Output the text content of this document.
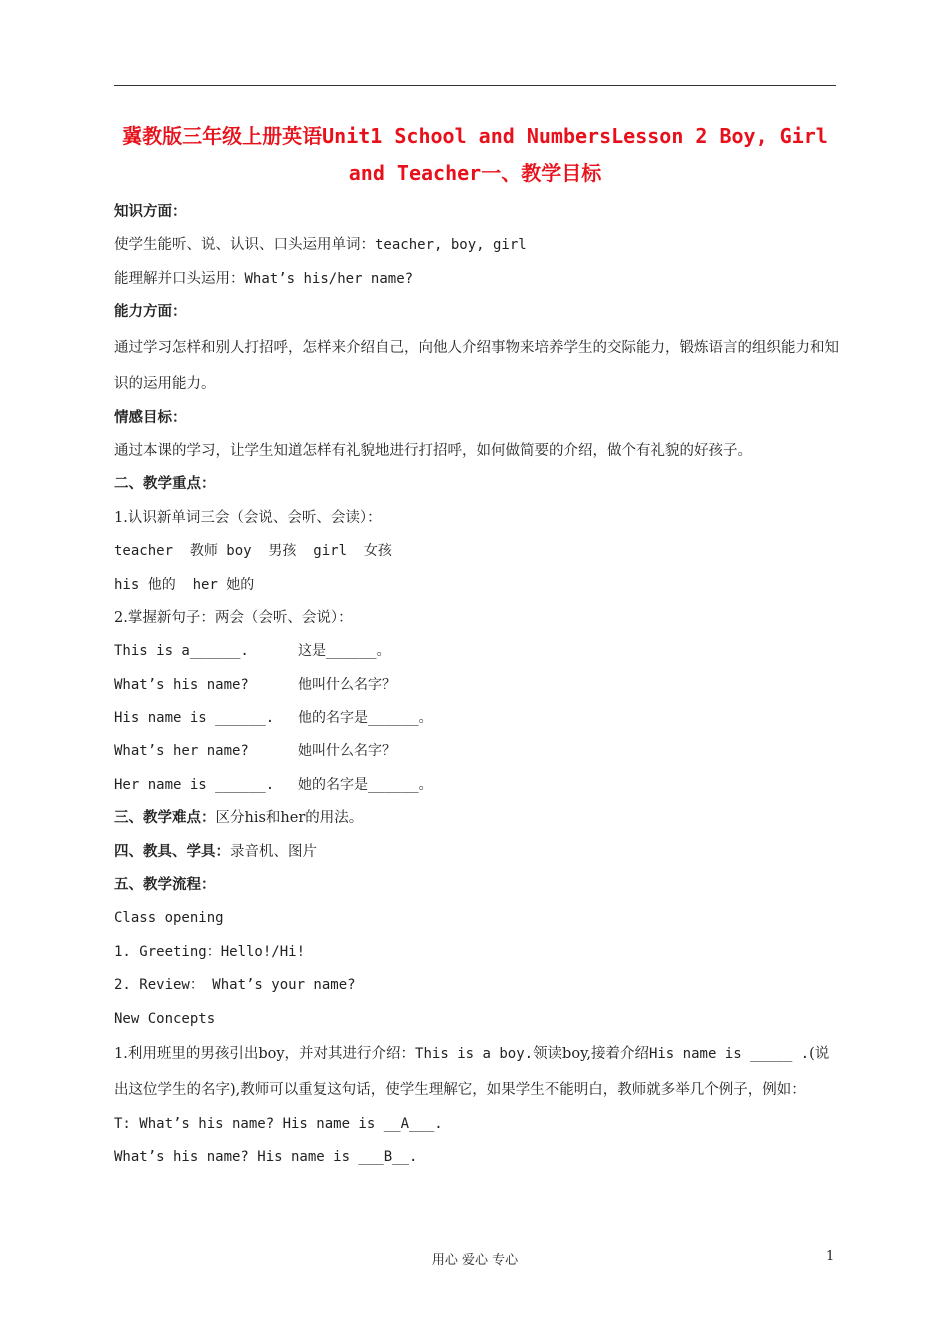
冀教版三年级上册英语Unit1 School and NumbersLesson 2 Boy, Girl and Teacher一、教学目标
知识方面：
使学生能听、说、认识、口头运用单词：teacher, boy, girl
能理解并口头运用：What’s his/her name?
能力方面：
通过学习怎样和别人打招呼，怎样来介绍自己，向他人介绍事物来培养学生的交际能力，锻炼语言的组织能力和知识的运用能力。
情感目标：
通过本课的学习，让学生知道怎样有礼貌地进行打招呼，如何做简要的介绍，做个有礼貌的好孩子。
二、教学重点：
1.认识新单词三会（会说、会听、会读）：
teacher  教师 boy  男孩  girl  女孩
his 他的  her 她的
2.掌握新句子：两会（会听、会说）：
This is a______.	这是______。
What’s his name?	他叫什么名字？
His name is ______. 他的名字是______。
What’s her name?	她叫什么名字？
Her name is ______. 她的名字是______。
三、教学难点：区分his和her的用法。
四、教具、学具：录音机、图片
五、教学流程：
Class opening
1. Greeting：Hello!/Hi!
2. Review： What’s your name?
New Concepts
1.利用班里的男孩引出boy，并对其进行介绍：This is a boy.领读boy,接着介绍His name is _____ .(说出这位学生的名字),教师可以重复这句话，使学生理解它，如果学生不能明白，教师就多举几个例子，例如：
T: What’s his name? His name is __A___.
What’s his name? His name is ___B__.
用心 爱心 专心	1
